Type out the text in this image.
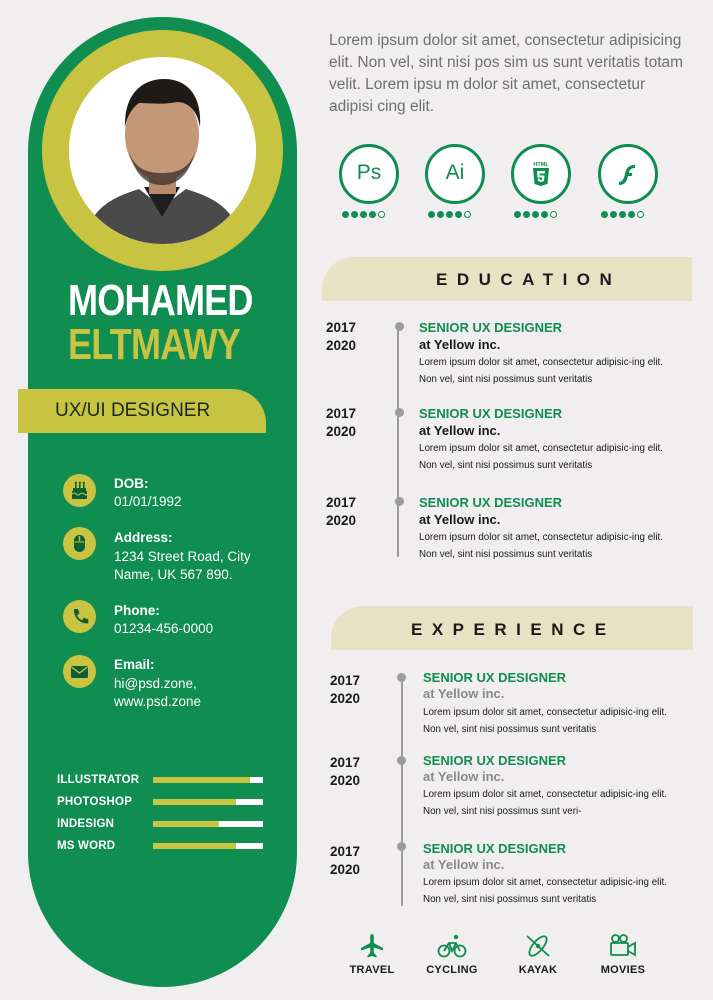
MOHAMED
ELTMAWY
UX/UI DESIGNER
DOB:
01/01/1992
Address:
1234 Street Road, City
Name, UK 567 890.
Phone:
01234-456-0000
Email:
hi@psd.zone,
www.psd.zone
ILLUSTRATOR
PHOTOSHOP
INDESIGN
MS WORD
Lorem ipsum dolor sit amet, consectetur adipisicing elit. Non vel, sint nisi pos sim us sunt veritatis totam velit. Lorem ipsu m dolor sit amet, consectetur adipisi cing elit.
Ps	Ai	HTML
EDUCATION
2017
2020
SENIOR UX DESIGNER
at Yellow inc.
Lorem ipsum dolor sit amet, consectetur adipisic-ing elit. Non vel, sint nisi possimus sunt veritatis
2017
2020
SENIOR UX DESIGNER
at Yellow inc.
Lorem ipsum dolor sit amet, consectetur adipisic-ing elit. Non vel, sint nisi possimus sunt veritatis
2017
2020
SENIOR UX DESIGNER
at Yellow inc.
Lorem ipsum dolor sit amet, consectetur adipisic-ing elit. Non vel, sint nisi possimus sunt veritatis
EXPERIENCE
2017
2020
SENIOR UX DESIGNER
at Yellow inc.
Lorem ipsum dolor sit amet, consectetur adipisic-ing elit. Non vel, sint nisi possimus sunt veritatis
2017
2020
SENIOR UX DESIGNER
at Yellow inc.
Lorem ipsum dolor sit amet, consectetur adipisic-ing elit. Non vel, sint nisi possimus sunt veri-
2017
2020
SENIOR UX DESIGNER
at Yellow inc.
Lorem ipsum dolor sit amet, consectetur adipisic-ing elit. Non vel, sint nisi possimus sunt veritatis
TRAVEL	CYCLING	KAYAK	MOVIES
